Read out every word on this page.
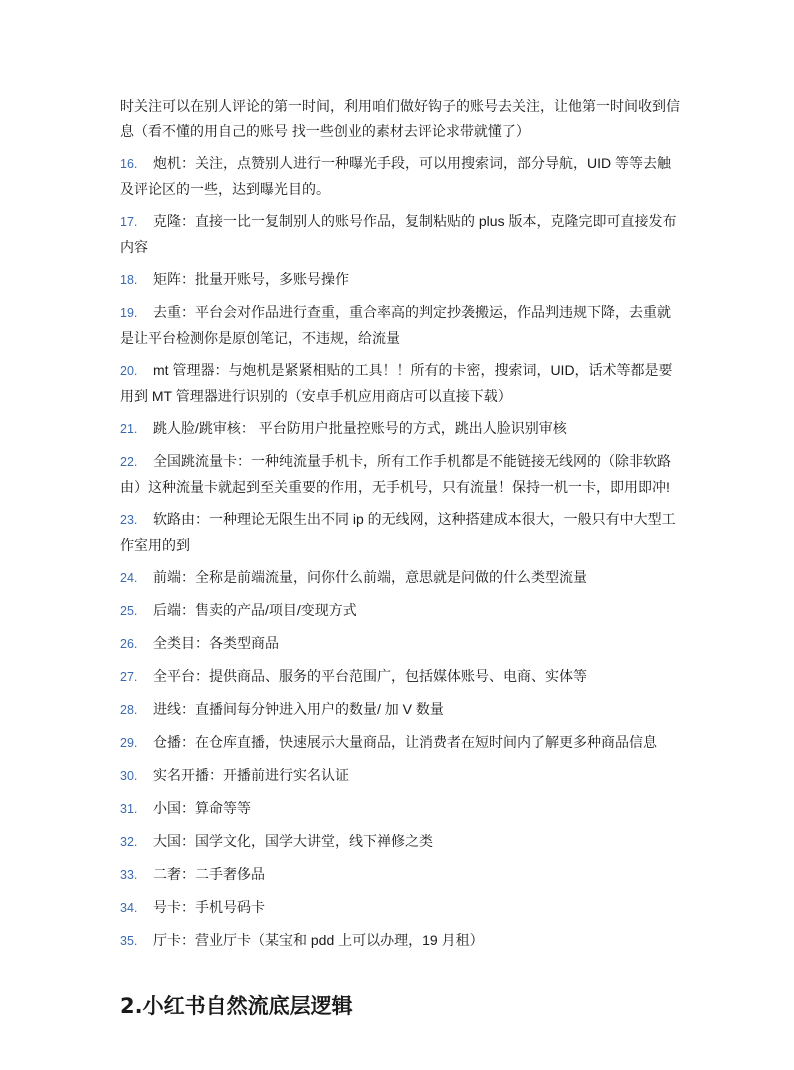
时关注可以在别人评论的第一时间，利用咱们做好钩子的账号去关注，让他第一时间收到信息（看不懂的用自己的账号 找一些创业的素材去评论求带就懂了）

16. 炮机：关注，点赞别人进行一种曝光手段，可以用搜索词，部分导航，UID 等等去触及评论区的一些，达到曝光目的。

17. 克隆：直接一比一复制别人的账号作品，复制粘贴的 plus 版本，克隆完即可直接发布内容

18. 矩阵：批量开账号，多账号操作

19. 去重：平台会对作品进行查重，重合率高的判定抄袭搬运，作品判违规下降，去重就是让平台检测你是原创笔记，不违规，给流量

20. mt 管理器：与炮机是紧紧相贴的工具！！所有的卡密，搜索词，UID，话术等都是要用到 MT 管理器进行识别的（安卓手机应用商店可以直接下载）

21. 跳人脸/跳审核： 平台防用户批量控账号的方式，跳出人脸识别审核

22. 全国跳流量卡：一种纯流量手机卡，所有工作手机都是不能链接无线网的（除非软路由）这种流量卡就起到至关重要的作用，无手机号，只有流量！保持一机一卡，即用即冲!

23. 软路由：一种理论无限生出不同 ip 的无线网，这种搭建成本很大，一般只有中大型工作室用的到

24. 前端：全称是前端流量，问你什么前端，意思就是问做的什么类型流量

25. 后端：售卖的产品/项目/变现方式

26. 全类目：各类型商品

27. 全平台：提供商品、服务的平台范围广，包括媒体账号、电商、实体等

28. 进线：直播间每分钟进入用户的数量/ 加 V 数量

29. 仓播：在仓库直播，快速展示大量商品，让消费者在短时间内了解更多种商品信息

30. 实名开播：开播前进行实名认证

31. 小国：算命等等

32. 大国：国学文化，国学大讲堂，线下禅修之类

33. 二奢：二手奢侈品

34. 号卡：手机号码卡

35. 厅卡：营业厅卡（某宝和 pdd 上可以办理，19 月租）

2.小红书自然流底层逻辑
